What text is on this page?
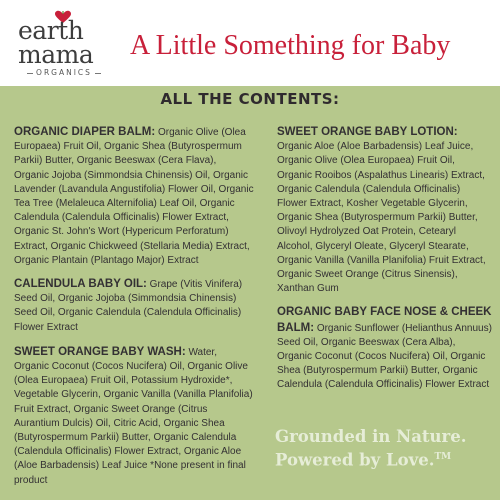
earth
mama
ORGANICS
A Little Something for Baby
ALL THE CONTENTS:
ORGANIC DIAPER BALM: Organic Olive (Olea Europaea) Fruit Oil, Organic Shea (Butyrospermum Parkii) Butter, Organic Beeswax (Cera Flava), Organic Jojoba (Simmondsia Chinensis) Oil, Organic Lavender (Lavandula Angustifolia) Flower Oil, Organic Tea Tree (Melaleuca Alternifolia) Leaf Oil, Organic Calendula (Calendula Officinalis) Flower Extract, Organic St. John's Wort (Hypericum Perforatum) Extract, Organic Chickweed (Stellaria Media) Extract, Organic Plantain (Plantago Major) Extract
CALENDULA BABY OIL: Grape (Vitis Vinifera) Seed Oil, Organic Jojoba (Simmondsia Chinensis) Seed Oil, Organic Calendula (Calendula Officinalis) Flower Extract
SWEET ORANGE BABY WASH: Water, Organic Coconut (Cocos Nucifera) Oil, Organic Olive (Olea Europaea) Fruit Oil, Potassium Hydroxide*, Vegetable Glycerin, Organic Vanilla (Vanilla Planifolia) Fruit Extract, Organic Sweet Orange (Citrus Aurantium Dulcis) Oil, Citric Acid, Organic Shea (Butyrospermum Parkii) Butter, Organic Calendula (Calendula Officinalis) Flower Extract, Organic Aloe (Aloe Barbadensis) Leaf Juice *None present in final product
SWEET ORANGE BABY LOTION: Organic Aloe (Aloe Barbadensis) Leaf Juice, Organic Olive (Olea Europaea) Fruit Oil, Organic Rooibos (Aspalathus Linearis) Extract, Organic Calendula (Calendula Officinalis) Flower Extract, Kosher Vegetable Glycerin, Organic Shea (Butyrospermum Parkii) Butter, Olivoyl Hydrolyzed Oat Protein, Cetearyl Alcohol, Glyceryl Oleate, Glyceryl Stearate, Organic Vanilla (Vanilla Planifolia) Fruit Extract, Organic Sweet Orange (Citrus Sinensis), Xanthan Gum
ORGANIC BABY FACE NOSE & CHEEK BALM: Organic Sunflower (Helianthus Annuus) Seed Oil, Organic Beeswax (Cera Alba), Organic Coconut (Cocos Nucifera) Oil, Organic Shea (Butyrospermum Parkii) Butter, Organic Calendula (Calendula Officinalis) Flower Extract
Grounded in Nature.
Powered by Love.™
